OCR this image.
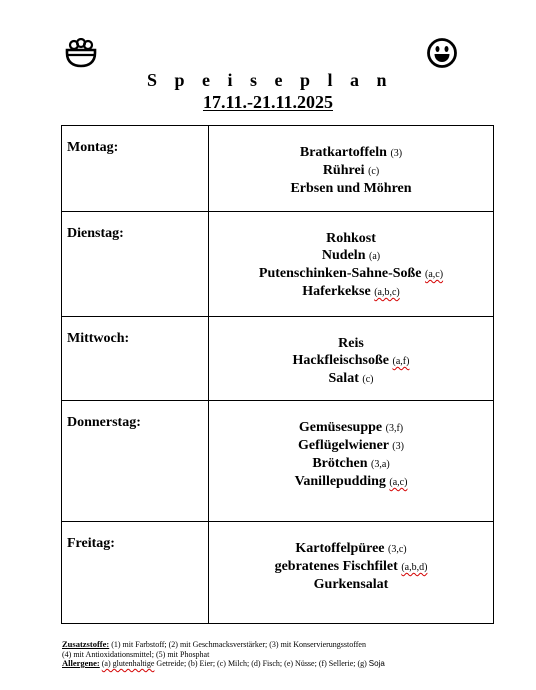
S p e i s e p l a n
17.11.-21.11.2025
Montag:	Bratkartoffeln (3)
Rührei (c)
Erbsen und Möhren

Dienstag:	Rohkost
Nudeln (a)
Putenschinken-Sahne-Soße (a,c)
Haferkekse (a,b,c)

Mittwoch:	Reis
Hackfleischsoße (a,f)
Salat (c)

Donnerstag:	Gemüsesuppe (3,f)
Geflügelwiener (3)
Brötchen (3,a)
Vanillepudding (a,c)

Freitag:	Kartoffelpüree (3,c)
gebratenes Fischfilet (a,b,d)
Gurkensalat
Zusatzstoffe: (1) mit Farbstoff; (2) mit Geschmacksverstärker; (3) mit Konservierungsstoffen
(4) mit Antioxidationsmittel; (5) mit Phosphat
Allergene: (a) glutenhaltige Getreide; (b) Eier; (c) Milch; (d) Fisch; (e) Nüsse; (f) Sellerie; (g) Soja
